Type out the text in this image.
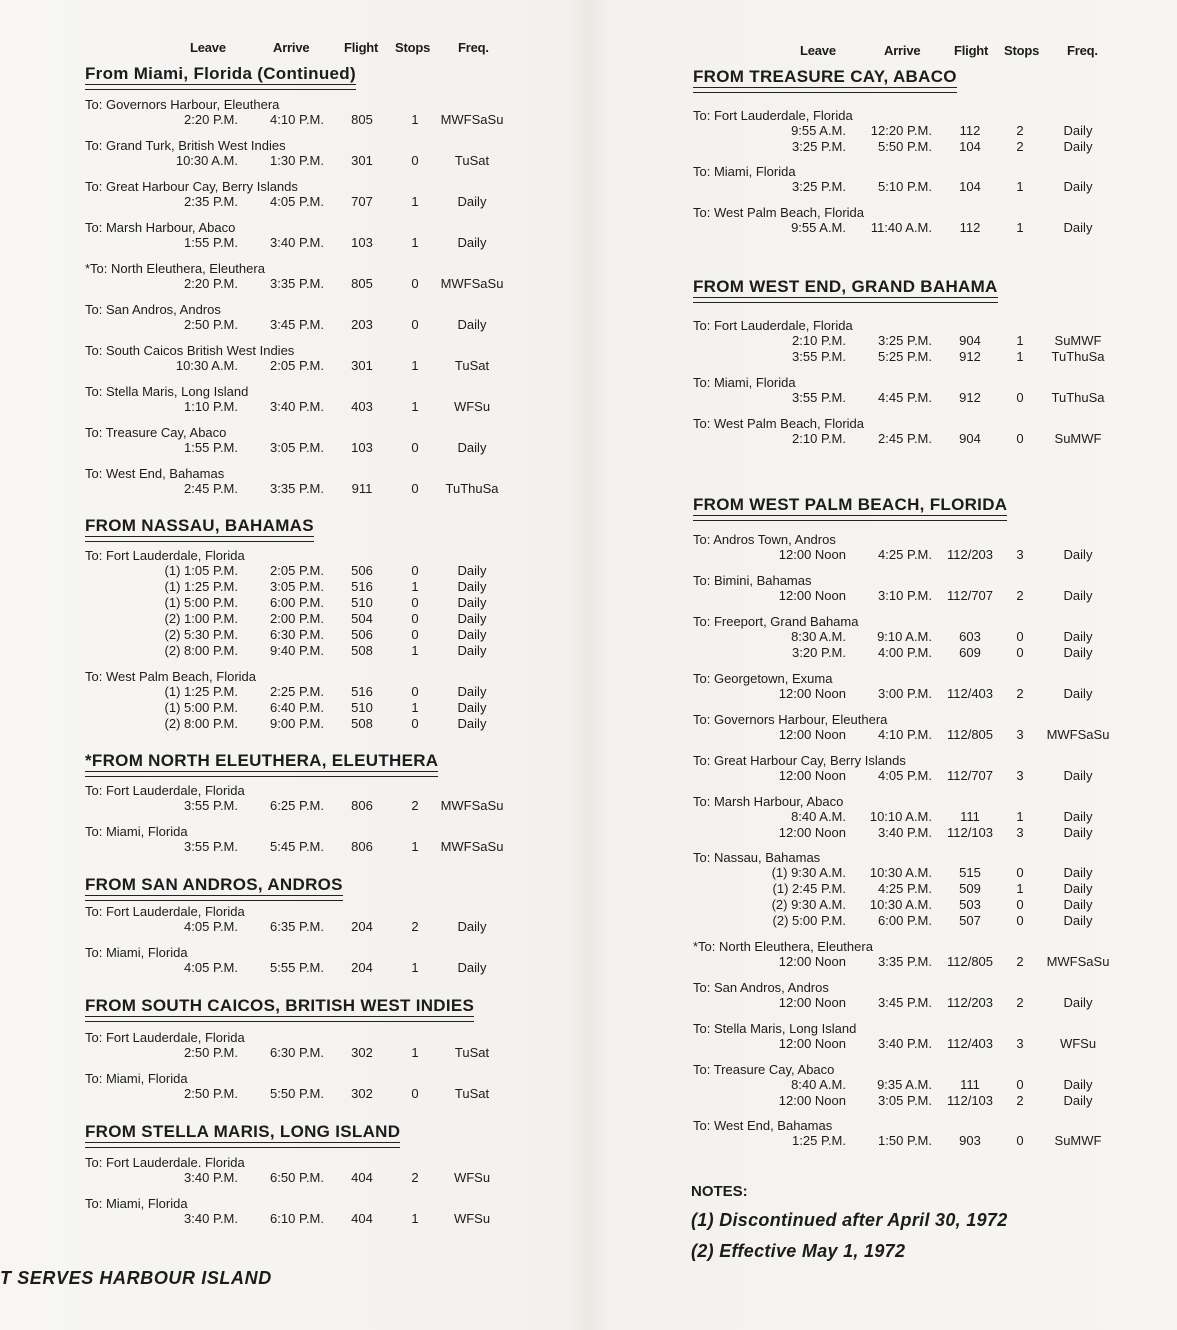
Leave	Arrive	Flight Stops Freq.	Leave	Arrive	Flight Stops Freq.
From Miami, Florida (Continued)
To: Governors Harbour, Eleuthera
2:20 P.M. 4:10 P.M. 805	1 MWFSaSu
To: Grand Turk, British West Indies
10:30 A.M. 1:30 P.M. 301	0	TuSat
To: Great Harbour Cay, Berry Islands
2:35 P.M. 4:05 P.M. 707	1	Daily
To: Marsh Harbour, Abaco
1:55 P.M. 3:40 P.M. 103	1	Daily
*To: North Eleuthera, Eleuthera
2:20 P.M. 3:35 P.M. 805	0 MWFSaSu
To: San Andros, Andros
2:50 P.M. 3:45 P.M. 203	0	Daily
To: South Caicos British West Indies
10:30 A.M. 2:05 P.M. 301	1	TuSat
To: Stella Maris, Long Island
1:10 P.M. 3:40 P.M. 403	1	WFSu
To: Treasure Cay, Abaco
1:55 P.M. 3:05 P.M. 103	0	Daily
To: West End, Bahamas
2:45 P.M. 3:35 P.M. 911	0 TuThuSa
FROM NASSAU, BAHAMAS
To: Fort Lauderdale, Florida
(1) 1:05 P.M. 2:05 P.M. 506	0	Daily
(1) 1:25 P.M. 3:05 P.M. 516	1	Daily
(1) 5:00 P.M. 6:00 P.M. 510	0	Daily
(2) 1:00 P.M. 2:00 P.M. 504	0	Daily
(2) 5:30 P.M. 6:30 P.M. 506	0	Daily
(2) 8:00 P.M. 9:40 P.M. 508	1	Daily
To: West Palm Beach, Florida
(1) 1:25 P.M. 2:25 P.M. 516	0	Daily
(1) 5:00 P.M. 6:40 P.M. 510	1	Daily
(2) 8:00 P.M. 9:00 P.M. 508	0	Daily
*FROM NORTH ELEUTHERA, ELEUTHERA
To: Fort Lauderdale, Florida
3:55 P.M. 6:25 P.M. 806	2 MWFSaSu
To: Miami, Florida
3:55 P.M. 5:45 P.M. 806	1 MWFSaSu
FROM SAN ANDROS, ANDROS
To: Fort Lauderdale, Florida
4:05 P.M. 6:35 P.M. 204	2	Daily
To: Miami, Florida
4:05 P.M. 5:55 P.M. 204	1	Daily
FROM SOUTH CAICOS, BRITISH WEST INDIES
To: Fort Lauderdale, Florida
2:50 P.M. 6:30 P.M. 302	1	TuSat
To: Miami, Florida
2:50 P.M. 5:50 P.M. 302	0	TuSat
FROM STELLA MARIS, LONG ISLAND
To: Fort Lauderdale. Florida
3:40 P.M. 6:50 P.M. 404	2	WFSu
To: Miami, Florida
3:40 P.M. 6:10 P.M. 404	1	WFSu
FROM TREASURE CAY, ABACO
To: Fort Lauderdale, Florida
9:55 A.M. 12:20 P.M. 112	2	Daily
3:25 P.M. 5:50 P.M. 104	2	Daily
To: Miami, Florida
3:25 P.M. 5:10 P.M. 104	1	Daily
To: West Palm Beach, Florida
9:55 A.M. 11:40 A.M. 112	1	Daily
FROM WEST END, GRAND BAHAMA
To: Fort Lauderdale, Florida
2:10 P.M. 3:25 P.M. 904	1 SuMWF
3:55 P.M. 5:25 P.M. 912	1 TuThuSa
To: Miami, Florida
3:55 P.M. 4:45 P.M. 912	0 TuThuSa
To: West Palm Beach, Florida
2:10 P.M. 2:45 P.M. 904	0 SuMWF
FROM WEST PALM BEACH, FLORIDA
To: Andros Town, Andros
12:00 Noon 4:25 P.M. 112/203 3	Daily
To: Bimini, Bahamas
12:00 Noon 3:10 P.M. 112/707 2	Daily
To: Freeport, Grand Bahama
8:30 A.M. 9:10 A.M. 603	0	Daily
3:20 P.M. 4:00 P.M. 609	0	Daily
To: Georgetown, Exuma
12:00 Noon 3:00 P.M. 112/403 2	Daily
To: Governors Harbour, Eleuthera
12:00 Noon 4:10 P.M. 112/805 3 MWFSaSu
To: Great Harbour Cay, Berry Islands
12:00 Noon 4:05 P.M. 112/707 3	Daily
To: Marsh Harbour, Abaco
8:40 A.M. 10:10 A.M. 111	1	Daily
12:00 Noon 3:40 P.M. 112/103 3	Daily
To: Nassau, Bahamas
(1) 9:30 A.M. 10:30 A.M. 515	0	Daily
(1) 2:45 P.M. 4:25 P.M. 509	1	Daily
(2) 9:30 A.M. 10:30 A.M. 503	0	Daily
(2) 5:00 P.M. 6:00 P.M. 507	0	Daily
*To: North Eleuthera, Eleuthera
12:00 Noon 3:35 P.M. 112/805 2 MWFSaSu
To: San Andros, Andros
12:00 Noon 3:45 P.M. 112/203 2	Daily
To: Stella Maris, Long Island
12:00 Noon 3:40 P.M. 112/403 3	WFSu
To: Treasure Cay, Abaco
8:40 A.M. 9:35 A.M. 111	0	Daily
12:00 Noon 3:05 P.M. 112/103 2	Daily
To: West End, Bahamas
1:25 P.M. 1:50 P.M. 903	0 SuMWF
NOTES:
(1) Discontinued after April 30, 1972
(2) Effective May 1, 1972
T SERVES HARBOUR ISLAND
